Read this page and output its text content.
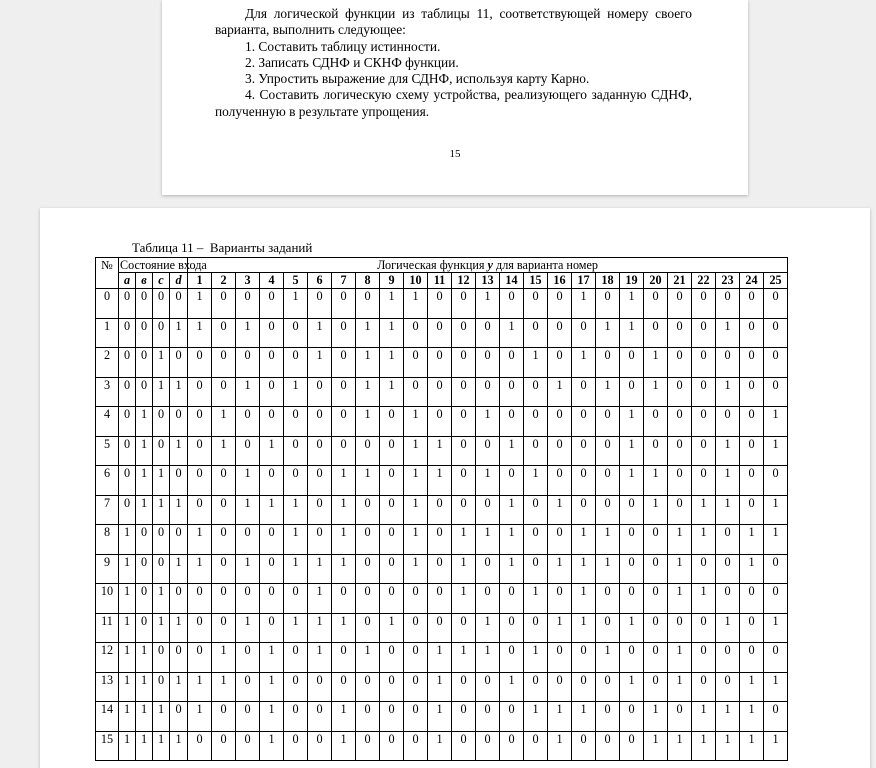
Для логической функции из таблицы 11, соответствующей номеру своего варианта, выполнить следующее:

1. Составить таблицу истинности.

2. Записать СДНФ и СКНФ функции.

3. Упростить выражение для СДНФ, используя карту Карно.

4. Составить логическую схему устройства, реализующего заданную СДНФ, полученную в результате упрощения.

15
Таблица 11 –  Варианты заданий
№	Состояние входа				Логическая функция y для варианта номер																								
	a	в	c	d	1	2	3	4	5	6	7	8	9	10	11	12	13	14	15	16	17	18	19	20	21	22	23	24	25
0	0	0	0	0	1	0	0	0	1	0	0	0	1	1	0	0	1	0	0	0	1	0	1	0	0	0	0	0	0
1	0	0	0	1	1	0	1	0	0	1	0	1	1	0	0	0	0	1	0	0	0	1	1	0	0	0	1	0	0
2	0	0	1	0	0	0	0	0	0	1	0	1	1	0	0	0	0	0	1	0	1	0	0	1	0	0	0	0	0
3	0	0	1	1	0	0	1	0	1	0	0	1	1	0	0	0	0	0	0	1	0	1	0	1	0	0	1	0	0
4	0	1	0	0	0	1	0	0	0	0	0	1	0	1	0	0	1	0	0	0	0	0	1	0	0	0	0	0	1
5	0	1	0	1	0	1	0	1	0	0	0	0	0	1	1	0	0	1	0	0	0	0	1	0	0	0	1	0	1
6	0	1	1	0	0	0	1	0	0	0	1	1	0	1	1	0	1	0	1	0	0	0	1	1	0	0	1	0	0
7	0	1	1	1	0	0	1	1	1	0	1	0	0	1	0	0	0	1	0	1	0	0	0	1	0	1	1	0	1
8	1	0	0	0	1	0	0	0	1	0	1	0	0	1	0	1	1	1	0	0	1	1	0	0	1	1	0	1	1
9	1	0	0	1	1	0	1	0	1	1	1	0	0	1	0	1	0	1	0	1	1	1	0	0	1	0	0	1	0
10	1	0	1	0	0	0	0	0	0	1	0	0	0	0	0	1	0	0	1	0	1	0	0	0	1	1	0	0	0
11	1	0	1	1	0	0	1	0	1	1	1	0	1	0	0	0	1	0	0	1	1	0	1	0	0	0	1	0	1
12	1	1	0	0	0	1	0	1	0	1	0	1	0	0	1	1	1	0	1	0	0	1	0	0	1	0	0	0	0
13	1	1	0	1	1	1	0	1	0	0	0	0	0	0	1	0	0	1	0	0	0	0	1	0	1	0	0	1	1
14	1	1	1	0	1	0	0	1	0	0	1	0	0	0	1	0	0	0	1	1	1	0	0	1	0	1	1	1	0
15	1	1	1	1	0	0	0	1	0	0	1	0	0	0	1	0	0	0	0	1	0	0	0	1	1	1	1	1	1
